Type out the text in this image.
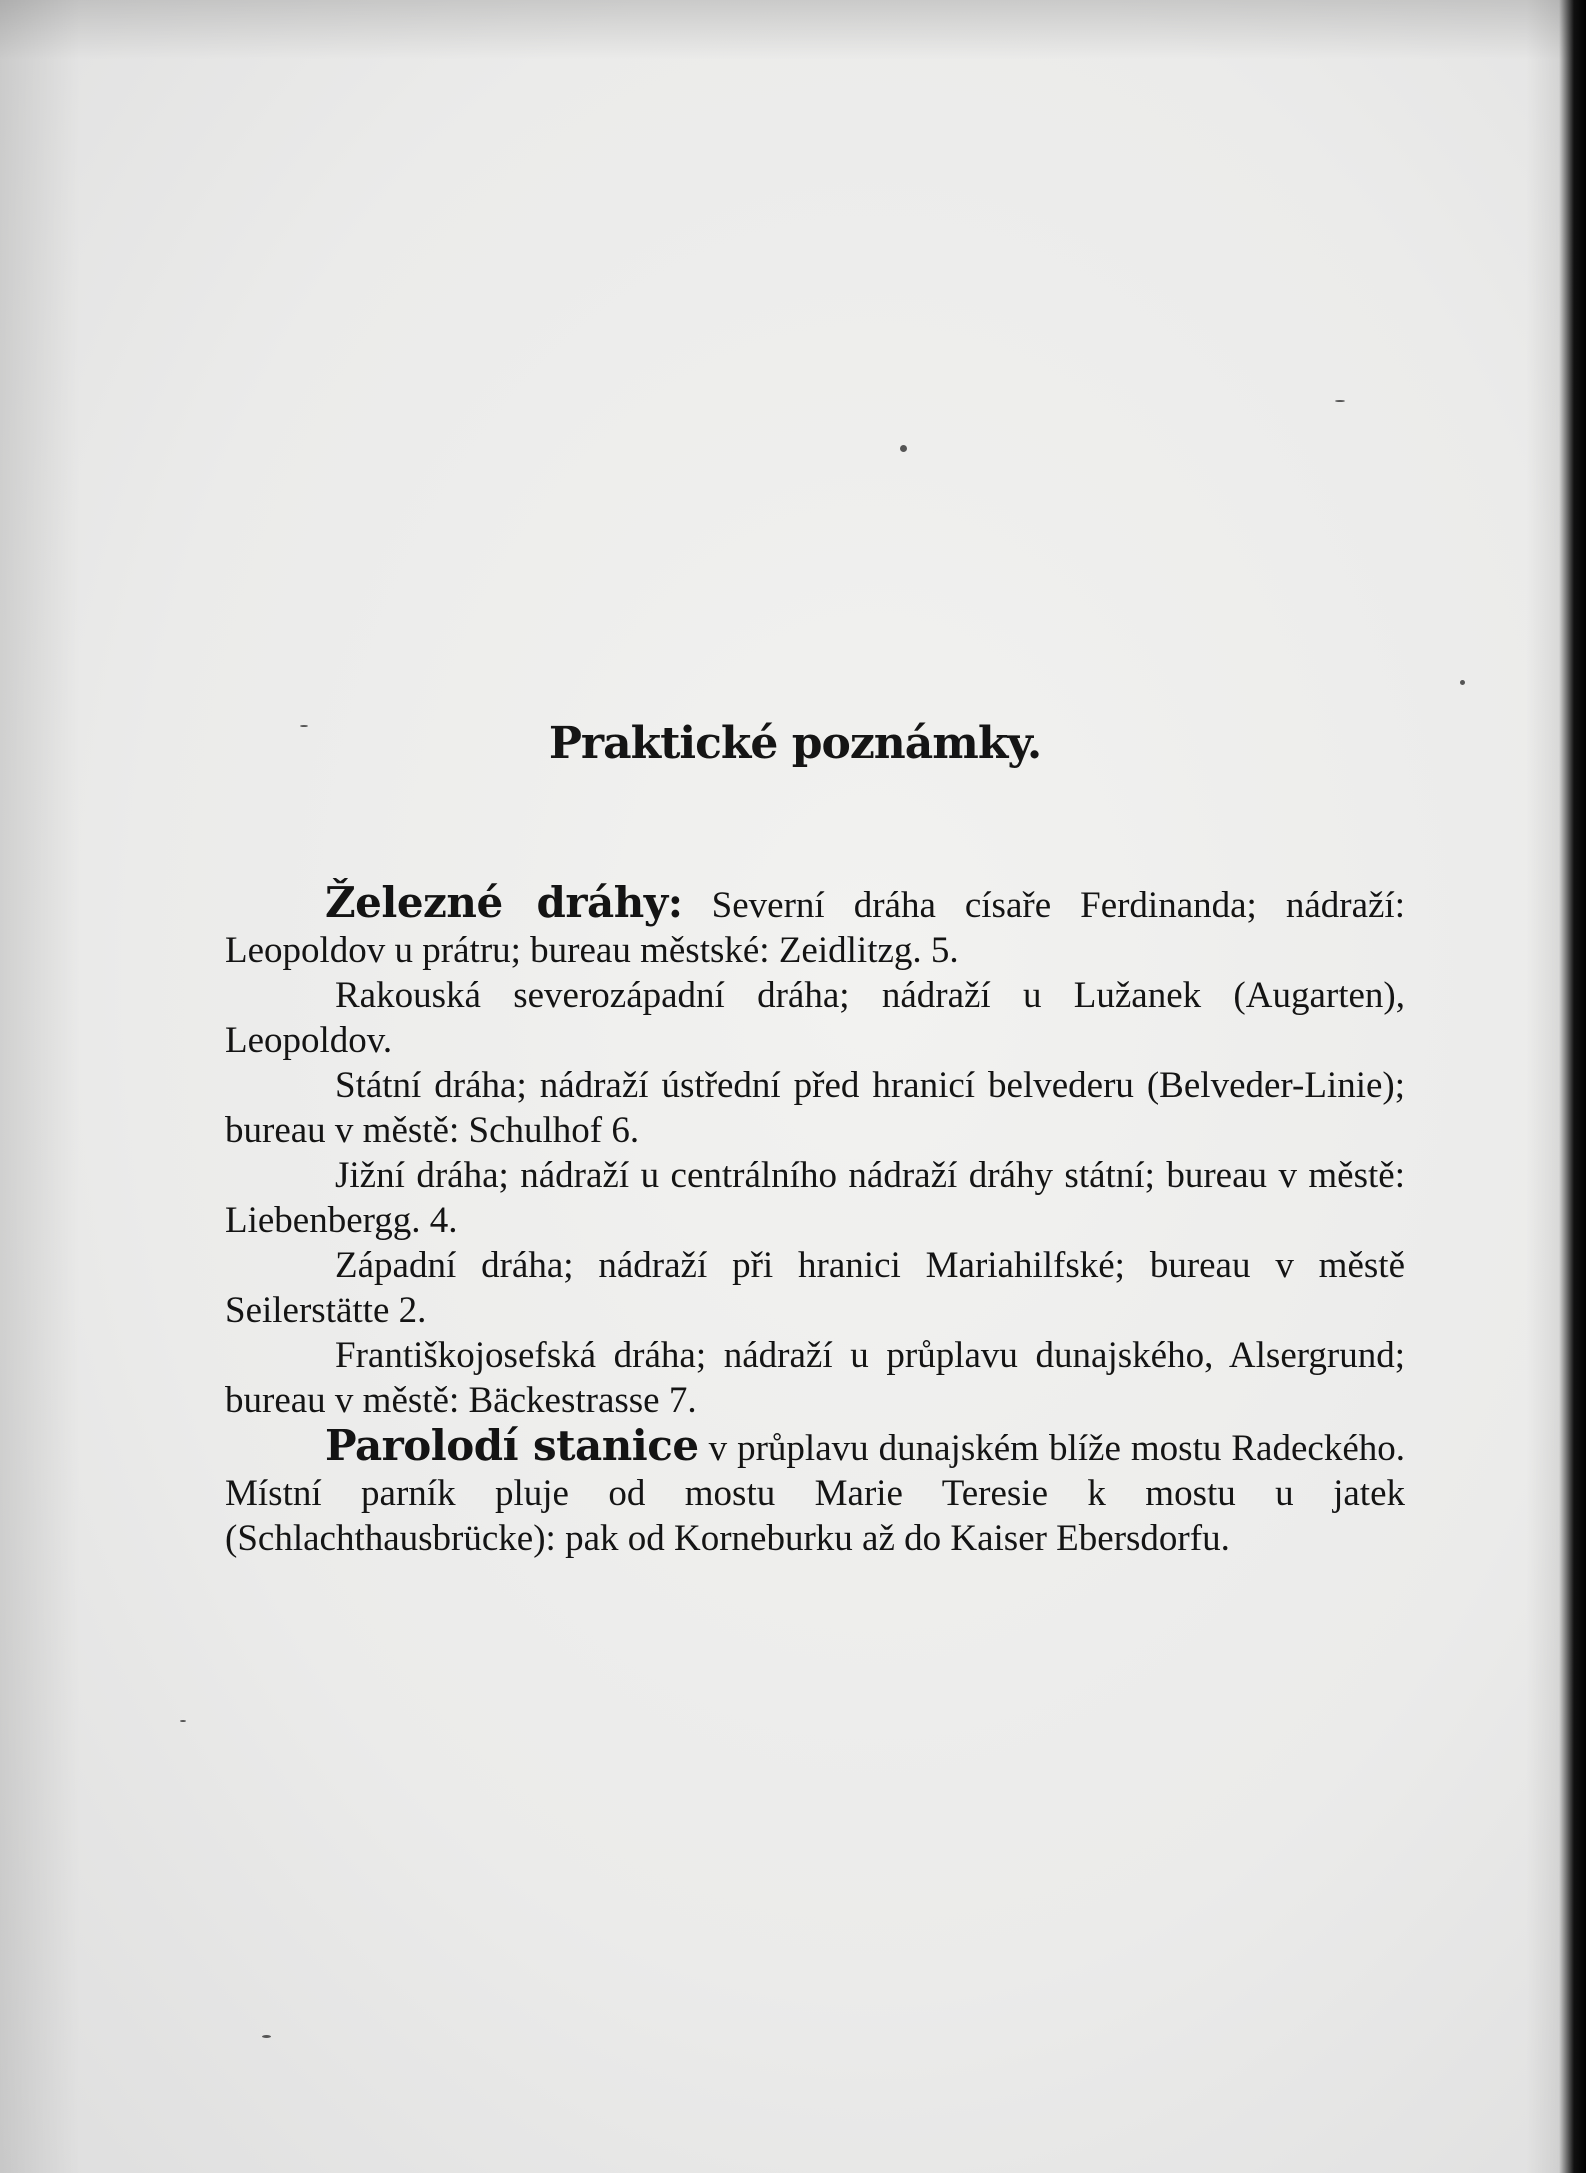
Praktické poznámky.

Železné dráhy: Severní dráha císaře Ferdinanda; nádraží: Leopoldov u prátru; bureau městské: Zeidlitzg. 5.

Rakouská severozápadní dráha; nádraží u Lužanek (Augarten), Leopoldov.

Státní dráha; nádraží ústřední před hranicí belvederu (Belveder-Linie); bureau v městě: Schulhof 6.

Jižní dráha; nádraží u centrálního nádraží dráhy státní; bureau v městě: Liebenbergg. 4.

Západní dráha; nádraží při hranici Mariahilfské; bureau v městě Seilerstätte 2.

Františkojosefská dráha; nádraží u průplavu dunajského, Alsergrund; bureau v městě: Bäckestrasse 7.

Parolodí stanice v průplavu dunajském blíže mostu Radeckého. Místní parník pluje od mostu Marie Teresie k mostu u jatek (Schlachthausbrücke): pak od Korneburku až do Kaiser Ebersdorfu.
